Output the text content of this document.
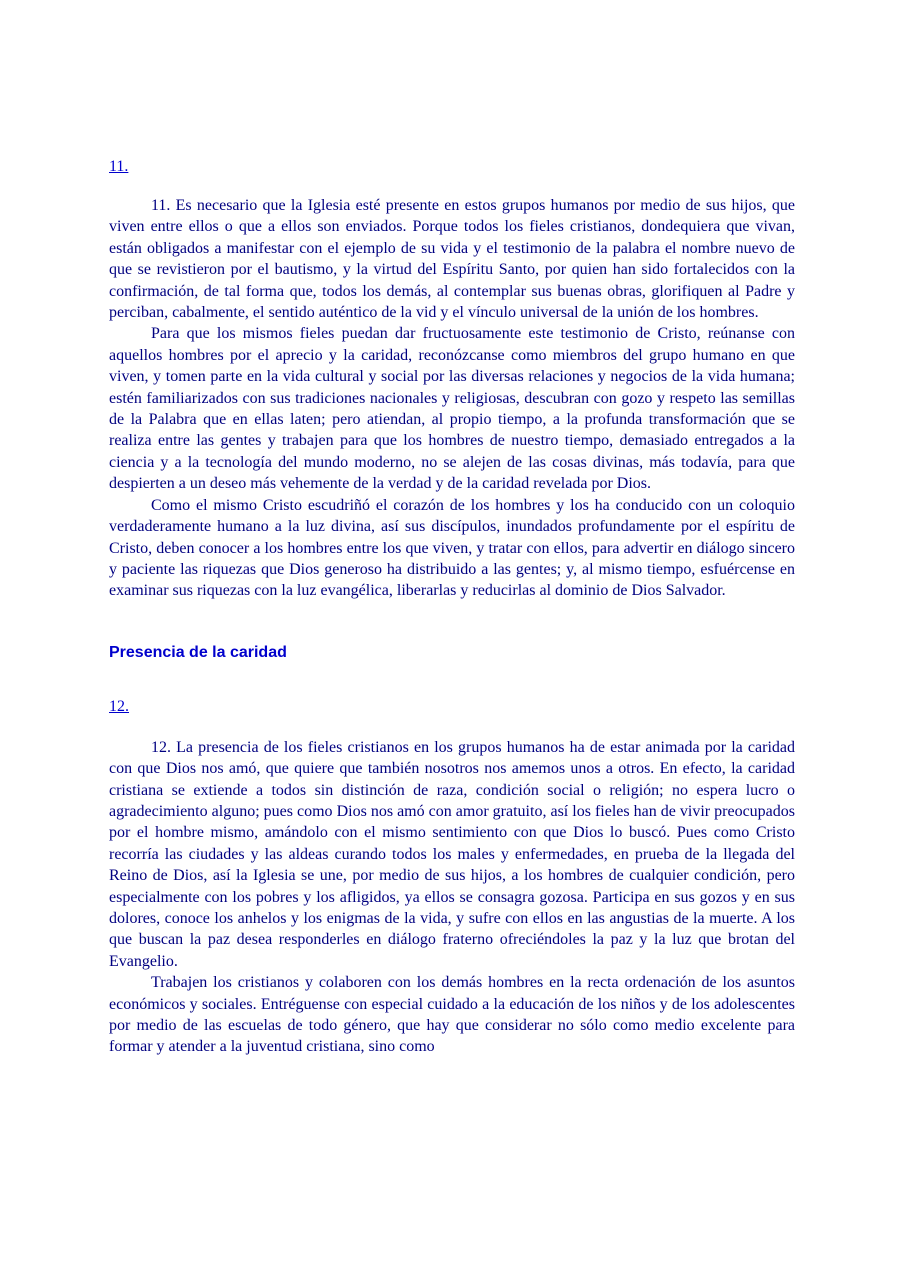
11.

11. Es necesario que la Iglesia esté presente en estos grupos humanos por medio de sus hijos, que viven entre ellos o que a ellos son enviados. Porque todos los fieles cristianos, dondequiera que vivan, están obligados a manifestar con el ejemplo de su vida y el testimonio de la palabra el nombre nuevo de que se revistieron por el bautismo, y la virtud del Espíritu Santo, por quien han sido fortalecidos con la confirmación, de tal forma que, todos los demás, al contemplar sus buenas obras, glorifiquen al Padre y perciban, cabalmente, el sentido auténtico de la vid y el vínculo universal de la unión de los hombres.

Para que los mismos fieles puedan dar fructuosamente este testimonio de Cristo, reúnanse con aquellos hombres por el aprecio y la caridad, reconózcanse como miembros del grupo humano en que viven, y tomen parte en la vida cultural y social por las diversas relaciones y negocios de la vida humana; estén familiarizados con sus tradiciones nacionales y religiosas, descubran con gozo y respeto las semillas de la Palabra que en ellas laten; pero atiendan, al propio tiempo, a la profunda transformación que se realiza entre las gentes y trabajen para que los hombres de nuestro tiempo, demasiado entregados a la ciencia y a la tecnología del mundo moderno, no se alejen de las cosas divinas, más todavía, para que despierten a un deseo más vehemente de la verdad y de la caridad revelada por Dios.

Como el mismo Cristo escudriñó el corazón de los hombres y los ha conducido con un coloquio verdaderamente humano a la luz divina, así sus discípulos, inundados profundamente por el espíritu de Cristo, deben conocer a los hombres entre los que viven, y tratar con ellos, para advertir en diálogo sincero y paciente las riquezas que Dios generoso ha distribuido a las gentes; y, al mismo tiempo, esfuércense en examinar sus riquezas con la luz evangélica, liberarlas y reducirlas al dominio de Dios Salvador.

Presencia de la caridad
12.

12. La presencia de los fieles cristianos en los grupos humanos ha de estar animada por la caridad con que Dios nos amó, que quiere que también nosotros nos amemos unos a otros. En efecto, la caridad cristiana se extiende a todos sin distinción de raza, condición social o religión; no espera lucro o agradecimiento alguno; pues como Dios nos amó con amor gratuito, así los fieles han de vivir preocupados por el hombre mismo, amándolo con el mismo sentimiento con que Dios lo buscó. Pues como Cristo recorría las ciudades y las aldeas curando todos los males y enfermedades, en prueba de la llegada del Reino de Dios, así la Iglesia se une, por medio de sus hijos, a los hombres de cualquier condición, pero especialmente con los pobres y los afligidos, ya ellos se consagra gozosa. Participa en sus gozos y en sus dolores, conoce los anhelos y los enigmas de la vida, y sufre con ellos en las angustias de la muerte. A los que buscan la paz desea responderles en diálogo fraterno ofreciéndoles la paz y la luz que brotan del Evangelio.

Trabajen los cristianos y colaboren con los demás hombres en la recta ordenación de los asuntos económicos y sociales. Entréguense con especial cuidado a la educación de los niños y de los adolescentes por medio de las escuelas de todo género, que hay que considerar no sólo como medio excelente para formar y atender a la juventud cristiana, sino como
